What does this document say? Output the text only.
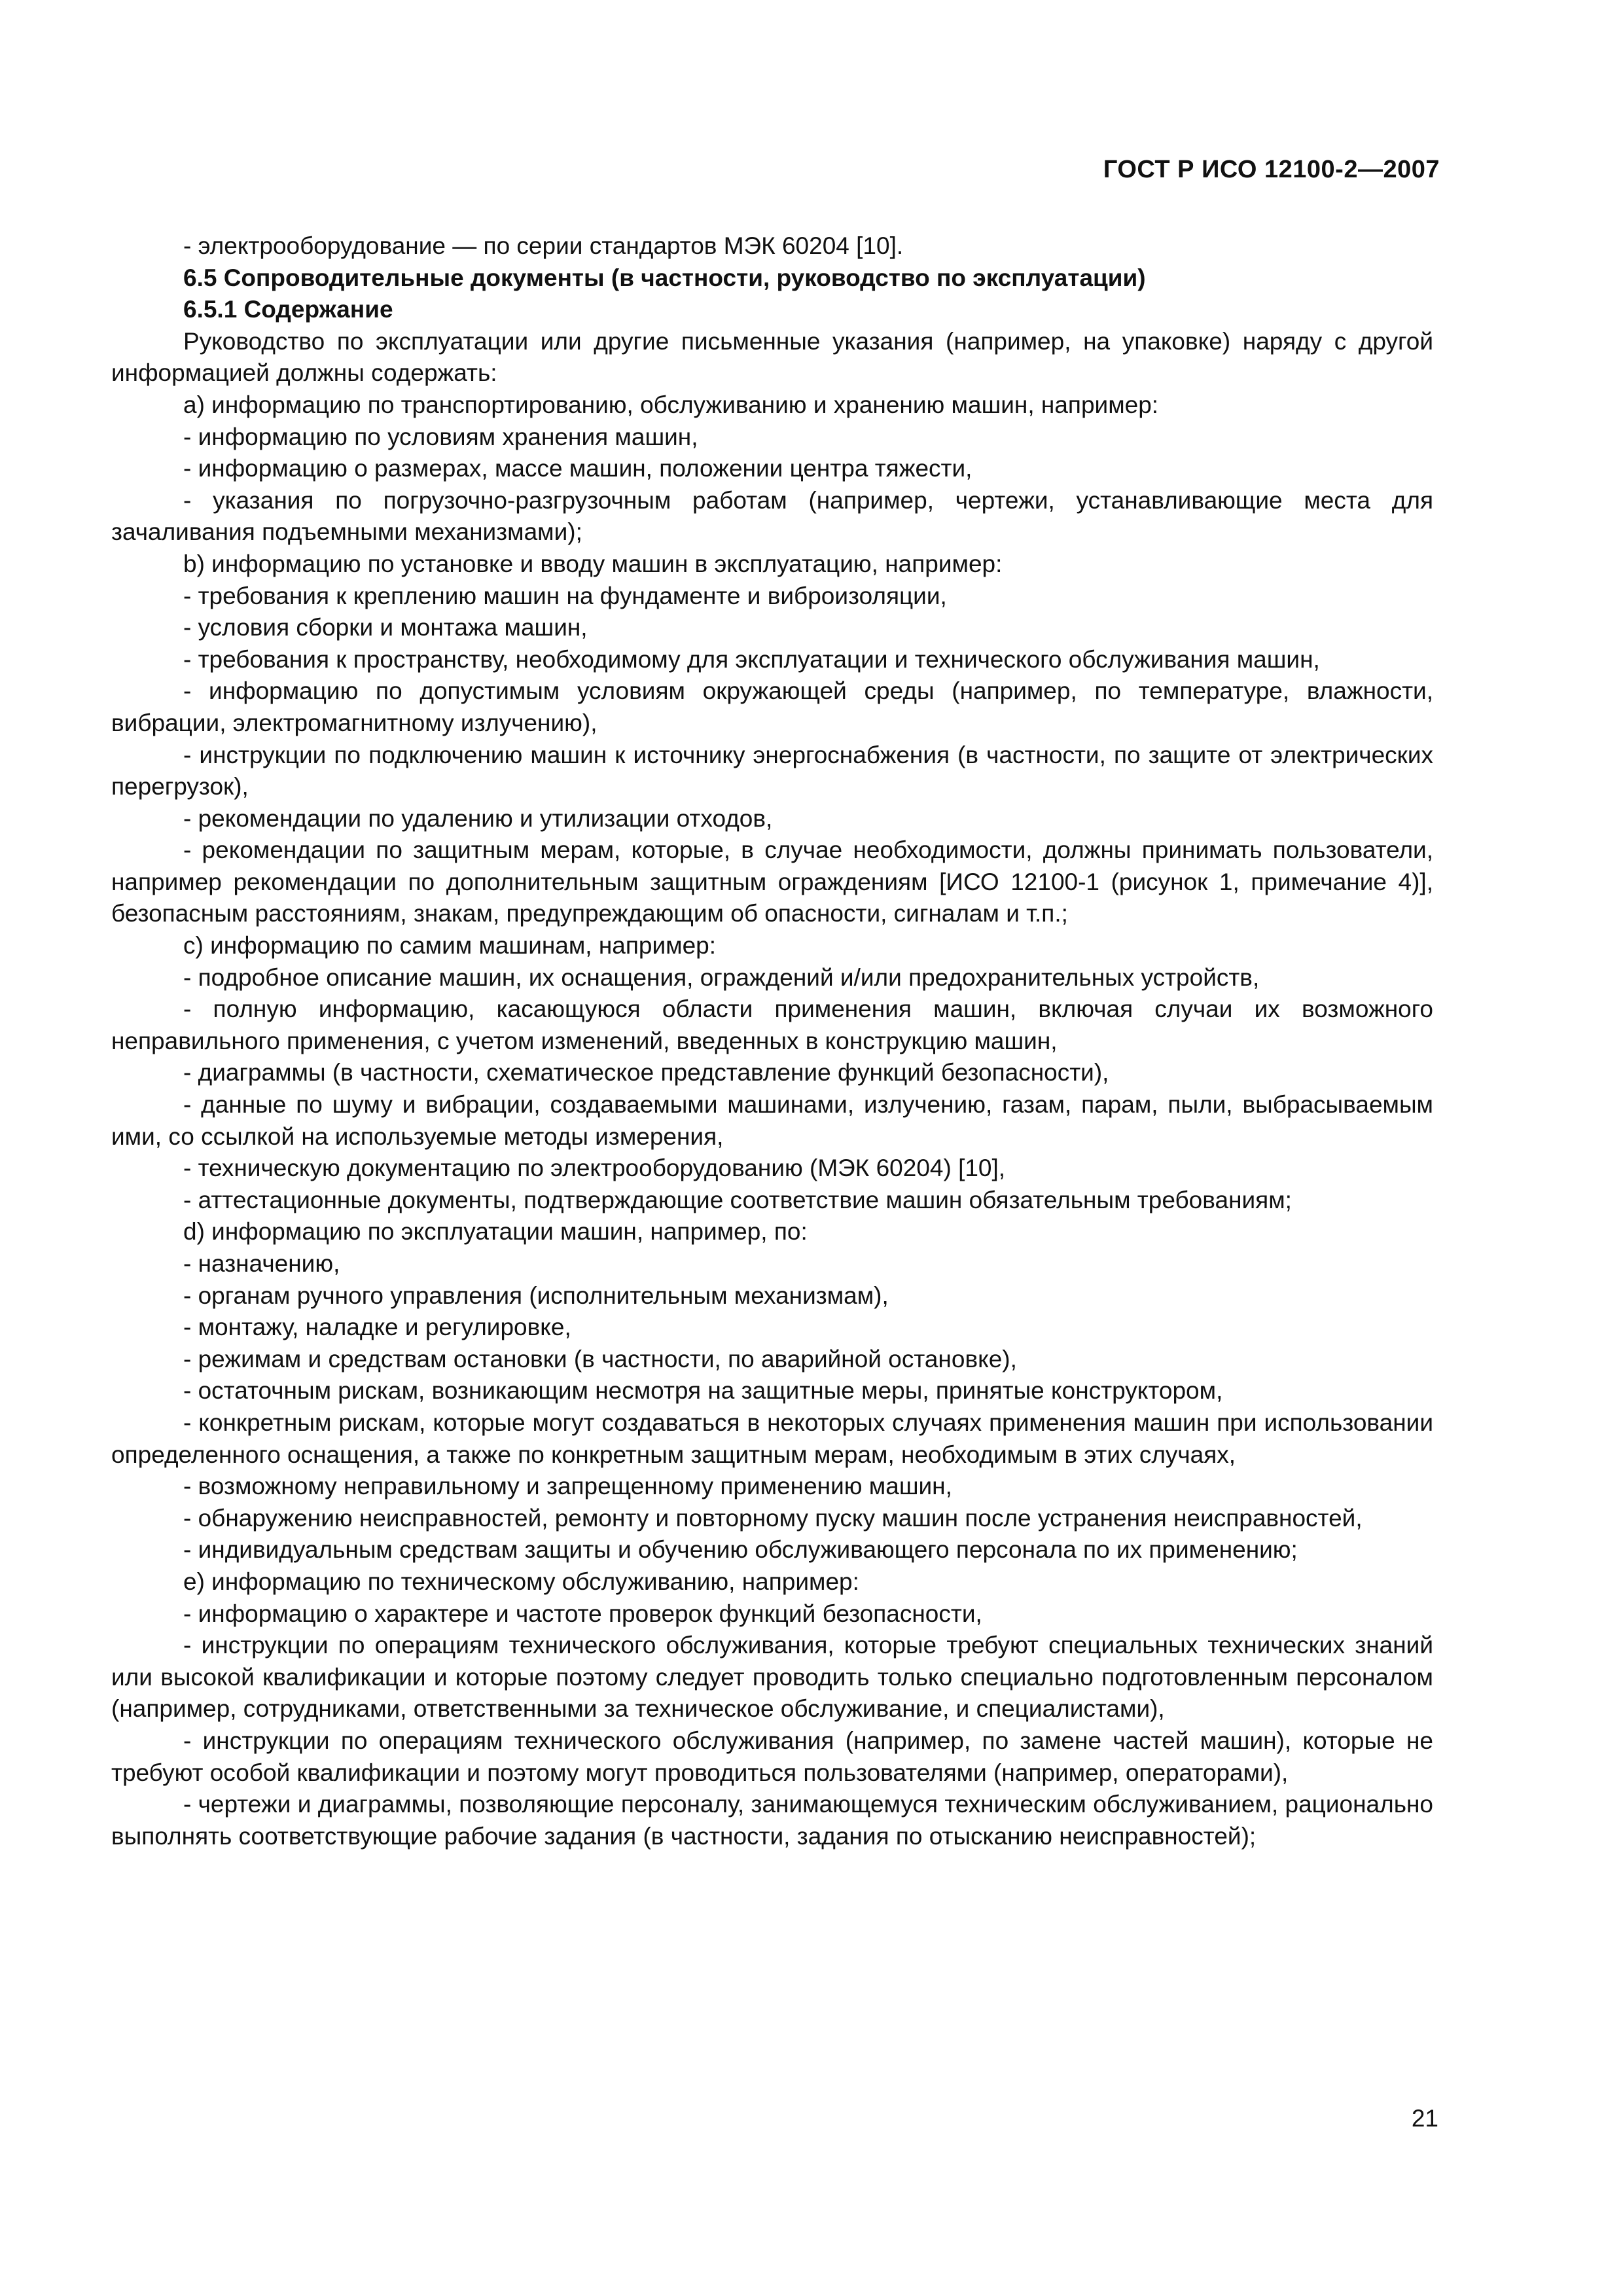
ГОСТ Р ИСО 12100-2—2007

- электрооборудование — по серии стандартов МЭК 60204 [10].

6.5 Сопроводительные документы (в частности, руководство по эксплуатации)

6.5.1 Содержание

Руководство по эксплуатации или другие письменные указания (например, на упаковке) наряду с другой информацией должны содержать:

a) информацию по транспортированию, обслуживанию и хранению машин, например:

- информацию по условиям хранения машин,

- информацию о размерах, массе машин, положении центра тяжести,

- указания по погрузочно-разгрузочным работам (например, чертежи, устанавливающие места для зачаливания подъемными механизмами);

b) информацию по установке и вводу машин в эксплуатацию, например:

- требования к креплению машин на фундаменте и виброизоляции,

- условия сборки и монтажа машин,

- требования к пространству, необходимому для эксплуатации и технического обслуживания машин,

- информацию по допустимым условиям окружающей среды (например, по температуре, влажности, вибрации, электромагнитному излучению),

- инструкции по подключению машин к источнику энергоснабжения (в частности, по защите от электрических перегрузок),

- рекомендации по удалению и утилизации отходов,

- рекомендации по защитным мерам, которые, в случае необходимости, должны принимать пользователи, например рекомендации по дополнительным защитным ограждениям [ИСО 12100-1 (рисунок 1, примечание 4)], безопасным расстояниям, знакам, предупреждающим об опасности, сигналам и т.п.;

c) информацию по самим машинам, например:

- подробное описание машин, их оснащения, ограждений и/или предохранительных устройств,

- полную информацию, касающуюся области применения машин, включая случаи их возможного неправильного применения, с учетом изменений, введенных в конструкцию машин,

- диаграммы (в частности, схематическое представление функций безопасности),

- данные по шуму и вибрации, создаваемыми машинами, излучению, газам, парам, пыли, выбрасываемым ими, со ссылкой на используемые методы измерения,

- техническую документацию по электрооборудованию (МЭК 60204) [10],

- аттестационные документы, подтверждающие соответствие машин обязательным требованиям;

d) информацию по эксплуатации машин, например, по:

- назначению,

- органам ручного управления (исполнительным механизмам),

- монтажу, наладке и регулировке,

- режимам и средствам остановки (в частности, по аварийной остановке),

- остаточным рискам, возникающим несмотря на защитные меры, принятые конструктором,

- конкретным рискам, которые могут создаваться в некоторых случаях применения машин при использовании определенного оснащения, а также по конкретным защитным мерам, необходимым в этих случаях,

- возможному неправильному и запрещенному применению машин,

- обнаружению неисправностей, ремонту и повторному пуску машин после устранения неисправностей,

- индивидуальным средствам защиты и обучению обслуживающего персонала по их применению;

e) информацию по техническому обслуживанию, например:

- информацию о характере и частоте проверок функций безопасности,

- инструкции по операциям технического обслуживания, которые требуют специальных технических знаний или высокой квалификации и которые поэтому следует проводить только специально подготовленным персоналом (например, сотрудниками, ответственными за техническое обслуживание, и специалистами),

- инструкции по операциям технического обслуживания (например, по замене частей машин), которые не требуют особой квалификации и поэтому могут проводиться пользователями (например, операторами),

- чертежи и диаграммы, позволяющие персоналу, занимающемуся техническим обслуживанием, рационально выполнять соответствующие рабочие задания (в частности, задания по отысканию неисправностей);

21
